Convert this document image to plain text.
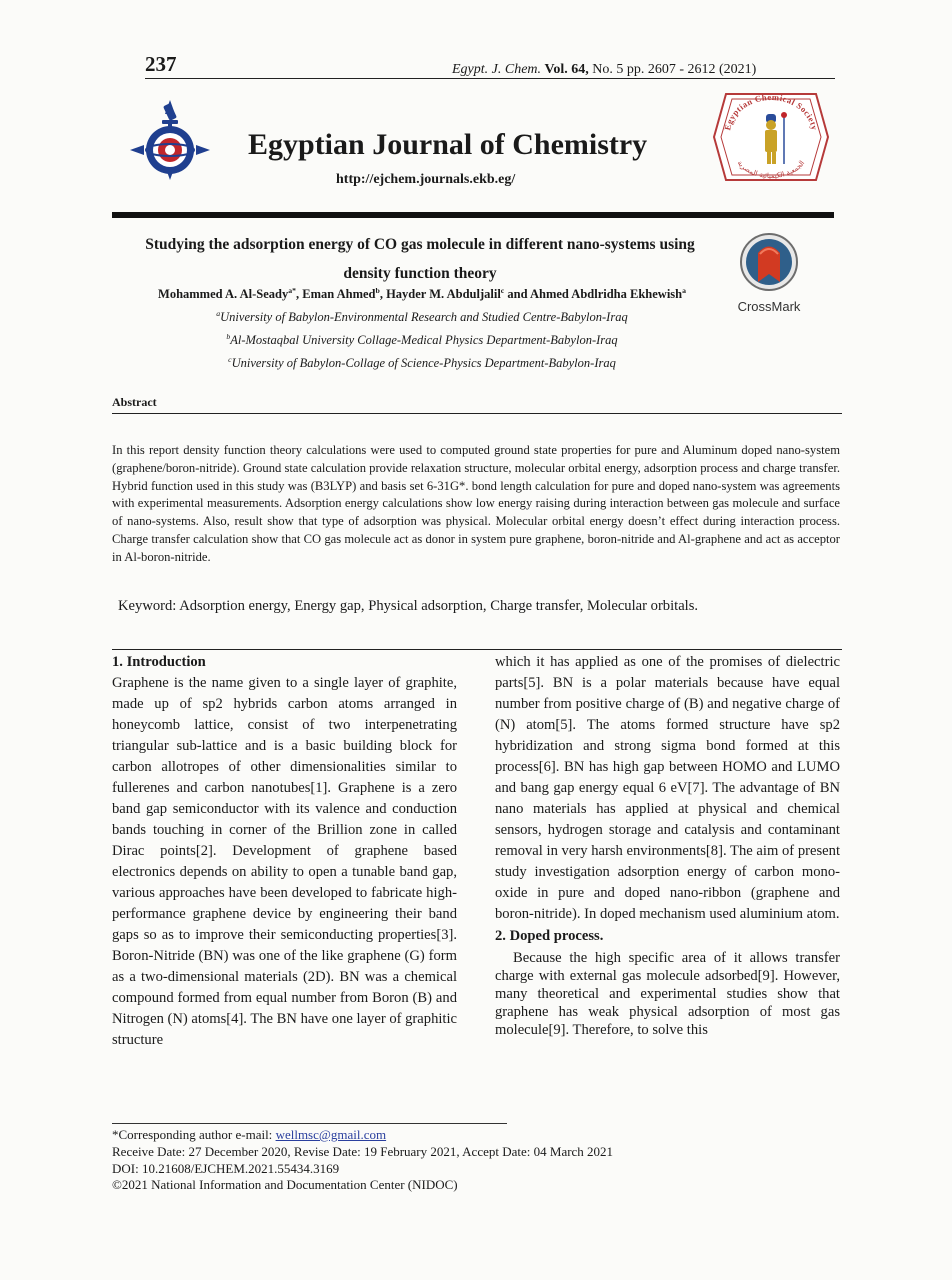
237	Egypt. J. Chem. Vol. 64, No. 5 pp. 2607 - 2612 (2021)
Egyptian Journal of Chemistry
http://ejchem.journals.ekb.eg/
Egyptian Chemical Society
الجمعية الكيميائية المصرية
Studying the adsorption energy of CO gas molecule in different nano-systems using
density function theory
CrossMark
Mohammed A. Al-Seady$^{a*}$, Eman Ahmed$^b$, Hayder M. Abduljalil$^c$ and Ahmed Abdlridha Ekhewish$^a$
$^a$University of Babylon-Environmental Research and Studied Centre-Babylon-Iraq
$^b$Al-Mostaqbal University Collage-Medical Physics Department-Babylon-Iraq
$^c$University of Babylon-Collage of Science-Physics Department-Babylon-Iraq
Abstract
In this report density function theory calculations were used to computed ground state properties for pure and Aluminum doped nano-system (graphene/boron-nitride). Ground state calculation provide relaxation structure, molecular orbital energy, adsorption process and charge transfer. Hybrid function used in this study was (B3LYP) and basis set 6-31G*. bond length calculation for pure and doped nano-system was agreements with experimental measurements. Adsorption energy calculations show low energy raising during interaction between gas molecule and surface of nano-systems. Also, result show that type of adsorption was physical. Molecular orbital energy doesn’t effect during interaction process. Charge transfer calculation show that CO gas molecule act as donor in system pure graphene, boron-nitride and Al-graphene and act as acceptor in Al-boron-nitride.
Keyword: Adsorption energy, Energy gap, Physical adsorption, Charge transfer, Molecular orbitals.

1. Introduction

Graphene is the name given to a single layer of graphite, made up of sp2 hybrids carbon atoms arranged in honeycomb lattice, consist of two interpenetrating triangular sub-lattice and is a basic building block for carbon allotropes of other dimensionalities similar to fullerenes and carbon nanotubes[1]. Graphene is a zero band gap semiconductor with its valence and conduction bands touching in corner of the Brillion zone in called Dirac points[2]. Development of graphene based electronics depends on ability to open a tunable band gap, various approaches have been developed to fabricate high-performance graphene device by engineering their band gaps so as to improve their semiconducting properties[3]. Boron-Nitride (BN) was one of the like graphene (G) form as a two-dimensional materials (2D). BN was a chemical compound formed from equal number from Boron (B) and Nitrogen (N) atoms[4]. The BN have one layer of graphitic structure

which it has applied as one of the promises of dielectric parts[5]. BN is a polar materials because have equal number from positive charge of (B) and negative charge of (N) atom[5]. The atoms formed structure have sp2 hybridization and strong sigma bond formed at this process[6]. BN has high gap between HOMO and LUMO and bang gap energy equal 6 eV[7]. The advantage of BN nano materials has applied at physical and chemical sensors, hydrogen storage and catalysis and contaminant removal in very harsh environments[8]. The aim of present study investigation adsorption energy of carbon mono-oxide in pure and doped nano-ribbon (graphene and boron-nitride). In doped mechanism used aluminium atom.

2. Doped process.

Because the high specific area of it allows transfer charge with external gas molecule adsorbed[9]. However, many theoretical and experimental studies show that graphene has weak physical adsorption of most gas molecule[9]. Therefore, to solve this

*Corresponding author e-mail: wellmsc@gmail.com
Receive Date: 27 December 2020, Revise Date: 19 February 2021, Accept Date: 04 March 2021
DOI: 10.21608/EJCHEM.2021.55434.3169
©2021 National Information and Documentation Center (NIDOC)
